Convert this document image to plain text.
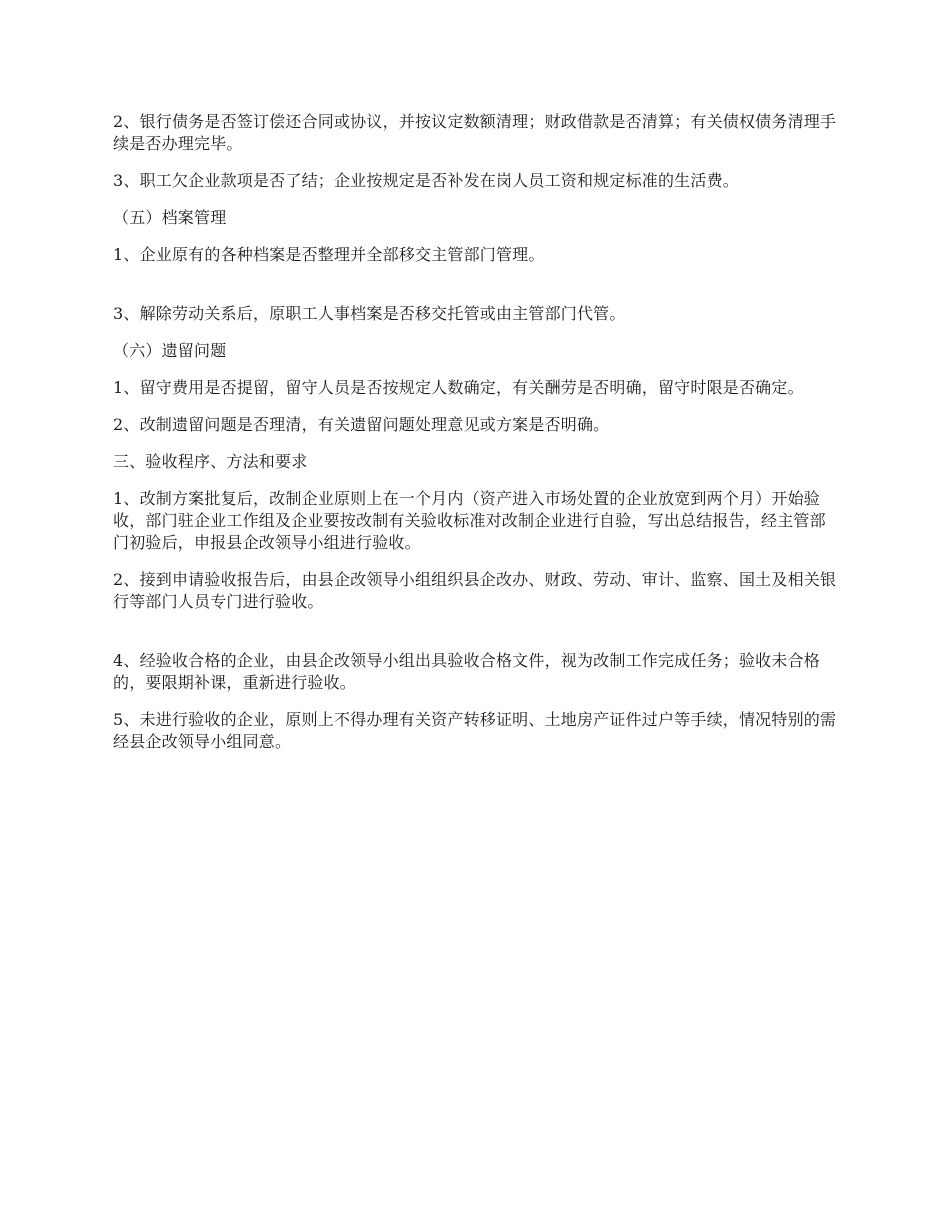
2、银行债务是否签订偿还合同或协议，并按议定数额清理；财政借款是否清算；有关债权债务清理手续是否办理完毕。

3、职工欠企业款项是否了结；企业按规定是否补发在岗人员工资和规定标准的生活费。

（五）档案管理

1、企业原有的各种档案是否整理并全部移交主管部门管理。

3、解除劳动关系后，原职工人事档案是否移交托管或由主管部门代管。

（六）遗留问题

1、留守费用是否提留，留守人员是否按规定人数确定，有关酬劳是否明确，留守时限是否确定。

2、改制遗留问题是否理清，有关遗留问题处理意见或方案是否明确。

三、验收程序、方法和要求

1、改制方案批复后，改制企业原则上在一个月内（资产进入市场处置的企业放宽到两个月）开始验收，部门驻企业工作组及企业要按改制有关验收标准对改制企业进行自验，写出总结报告，经主管部门初验后，申报县企改领导小组进行验收。

2、接到申请验收报告后，由县企改领导小组组织县企改办、财政、劳动、审计、监察、国土及相关银行等部门人员专门进行验收。

4、经验收合格的企业，由县企改领导小组出具验收合格文件，视为改制工作完成任务；验收未合格的，要限期补课，重新进行验收。

5、未进行验收的企业，原则上不得办理有关资产转移证明、土地房产证件过户等手续，情况特别的需经县企改领导小组同意。
